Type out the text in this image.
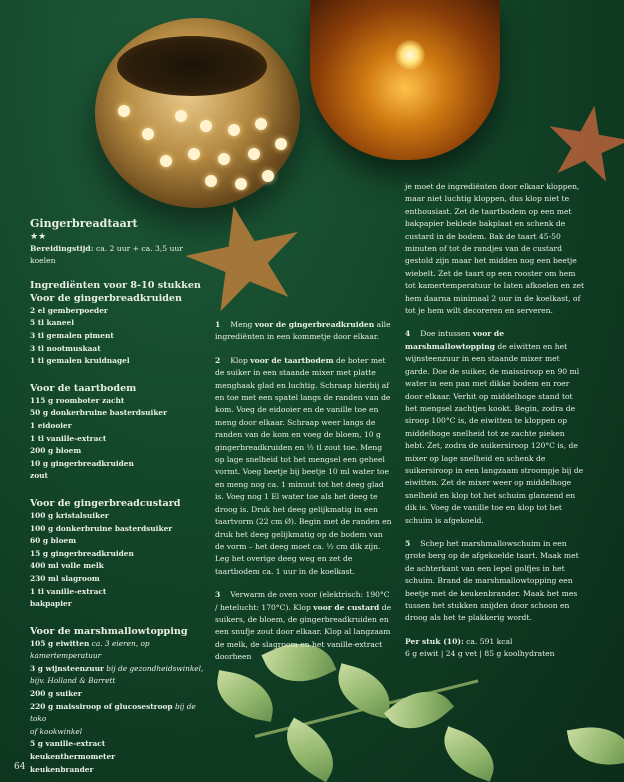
Gingerbreadtaart
★★
Bereidingstijd: ca. 2 uur + ca. 3,5 uur koelen
Ingrediënten voor 8-10 stukken
Voor de gingerbreadkruiden

2 el gemberpoeder

5 tl kaneel

3 tl gemalen piment

3 tl nootmuskaat

1 tl gemalen kruidnagel

Voor de taartbodem

115 g roomboter zacht

50 g donkerbruine basterdsuiker

1 eidooier

1 tl vanille-extract

200 g bloem

10 g gingerbreadkruiden

zout

Voor de gingerbreadcustard

100 g kristalsuiker

100 g donkerbruine basterdsuiker

60 g bloem

15 g gingerbreadkruiden

400 ml volle melk

230 ml slagroom

1 tl vanille-extract

bakpapier

Voor de marshmallowtopping

105 g eiwitten ca. 3 eieren, op kamertemperatuur

3 g wijnsteenzuur bij de gezondheidswinkel,

bijv. Holland & Barrett

200 g suiker

220 g maissiroop of glucosestroop bij de toko

of kookwinkel

5 g vanille-extract

keukenthermometer

keukenbrander

1 Meng voor de gingerbreadkruiden alle ingrediënten in een kommetje door elkaar.

2 Klop voor de taartbodem de boter met de suiker in een staande mixer met platte menghaak glad en luchtig. Schraap hierbij af en toe met een spatel langs de randen van de kom. Voeg de eidooier en de vanille toe en meng door elkaar. Schraap weer langs de randen van de kom en voeg de bloem, 10 g gingerbreadkruiden en ½ tl zout toe. Meng op lage snelheid tot het mengsel een geheel vormt. Voeg beetje bij beetje 10 ml water toe en meng nog ca. 1 minuut tot het deeg glad is. Voeg nog 1 El water toe als het deeg te droog is. Druk het deeg gelijkmatig in een taartvorm (22 cm Ø). Begin met de randen en druk het deeg gelijkmatig op de bodem van de vorm – het deeg moet ca. ½ cm dik zijn. Leg het overige deeg weg en zet de taartbodem ca. 1 uur in de koelkast.

3 Verwarm de oven voor (elektrisch: 190°C / hetelucht: 170°C). Klop voor de custard de suikers, de bloem, de gingerbreadkruiden en een snufje zout door elkaar. Klop al langzaam de melk, de slagroom en het vanille-extract doorheen

je moet de ingrediënten door elkaar kloppen, maar niet luchtig kloppen, dus klop niet te enthousiast. Zet de taartbodem op een met bakpapier beklede bakplaat en schenk de custard in de bodem. Bak de taart 45-50 minuten of tot de randjes van de custard gestold zijn maar het midden nog een beetje wiebelt. Zet de taart op een rooster om hem tot kamertemperatuur te laten afkoelen en zet hem daarna minimaal 2 uur in de koelkast, of tot je hem wilt decoreren en serveren.

4 Doe intussen voor de marshmallowtopping de eiwitten en het wijnsteenzuur in een staande mixer met garde. Doe de suiker, de maissiroop en 90 ml water in een pan met dikke bodem en roer door elkaar. Verhit op middelhoge stand tot het mengsel zachtjes kookt. Begin, zodra de siroop 100°C is, de eiwitten te kloppen op middelhoge snelheid tot ze zachte pieken hebt. Zet, zodra de suikersiroop 120°C is, de mixer op lage snelheid en schenk de suikersiroop in een langzaam stroompje bij de eiwitten. Zet de mixer weer op middelhoge snelheid en klop tot het schuim glanzend en dik is. Voeg de vanille toe en klop tot het schuim is afgekoeld.

5 Schep het marshmallowschuim in een grote berg op de afgekoelde taart. Maak met de achterkant van een lepel golfjes in het schuim. Brand de marshmallowtopping een beetje met de keukenbrander. Maak het mes tussen het stukken snijden door schoon en droog als het te plakkerig wordt.

Per stuk (10): ca. 591 kcal
6 g eiwit | 24 g vet | 85 g koolhydraten

64
